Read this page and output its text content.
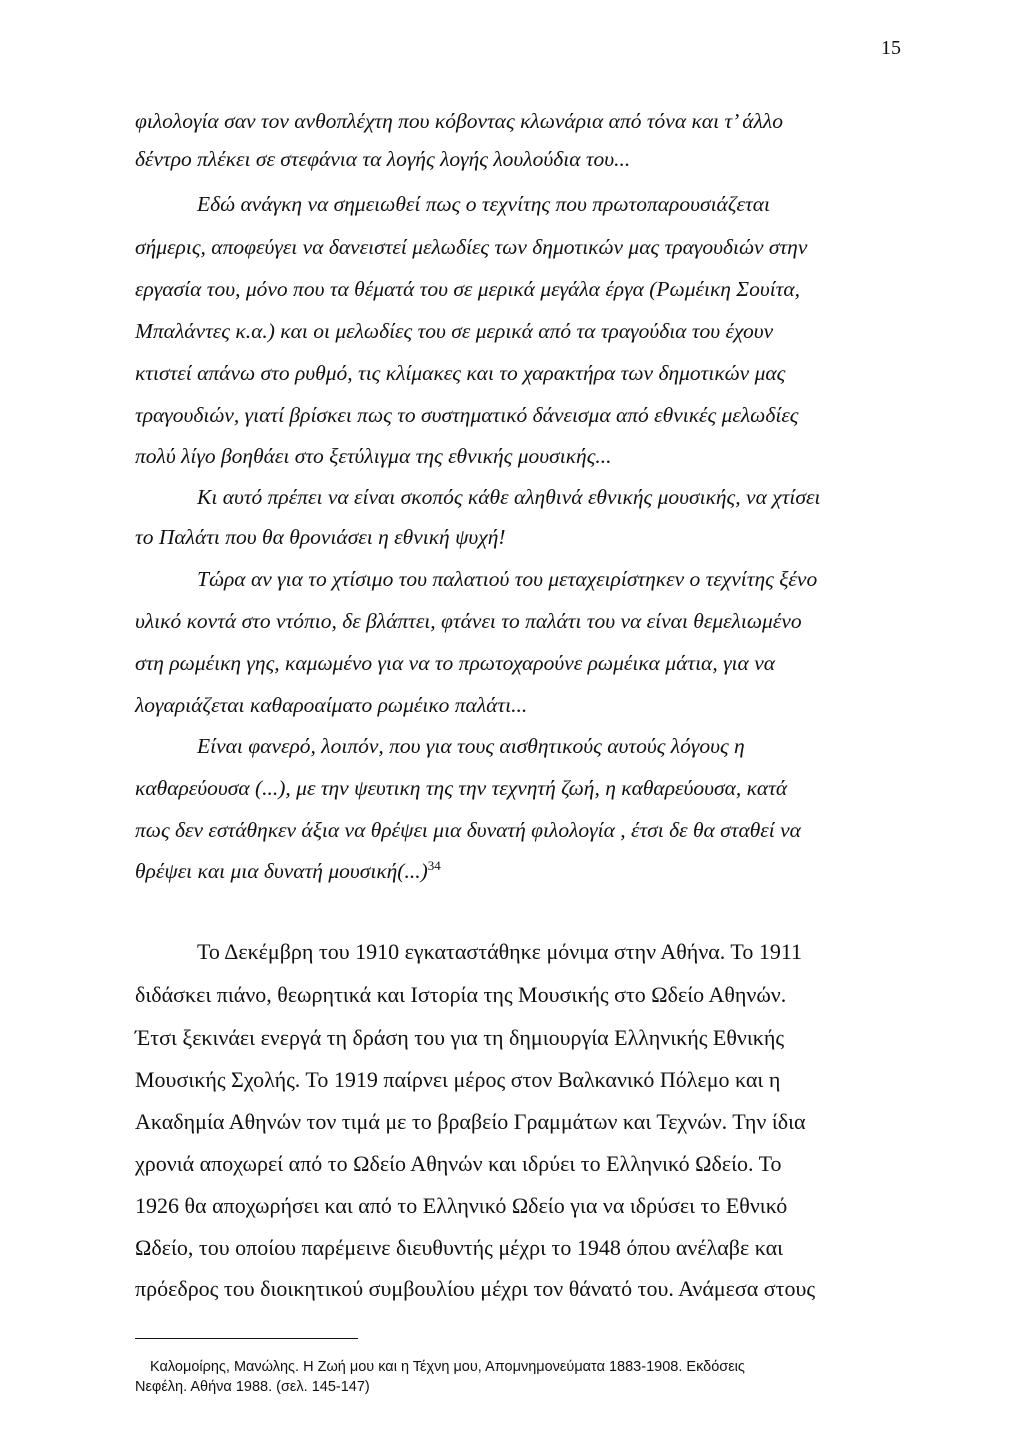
15

φιλολογία σαν τον ανθοπλέχτη που κόβοντας κλωνάρια από τόνα και τ’ άλλο

δέντρο πλέκει σε στεφάνια τα λογής λογής λουλούδια του...

Εδώ ανάγκη να σημειωθεί πως ο τεχνίτης που πρωτοπαρουσιάζεται

σήμερις, αποφεύγει να δανειστεί μελωδίες των δημοτικών μας τραγουδιών στην

εργασία του, μόνο που τα θέματά του σε μερικά μεγάλα έργα (Ρωμέικη Σουίτα,

Μπαλάντες κ.α.) και οι μελωδίες του σε μερικά από τα τραγούδια του έχουν

κτιστεί απάνω στο ρυθμό, τις κλίμακες και το χαρακτήρα των δημοτικών μας

τραγουδιών, γιατί βρίσκει πως το συστηματικό δάνεισμα από εθνικές μελωδίες

πολύ λίγο βοηθάει στο ξετύλιγμα της εθνικής μουσικής...

Κι αυτό πρέπει να είναι σκοπός κάθε αληθινά εθνικής μουσικής, να χτίσει

το Παλάτι που θα θρονιάσει η εθνική ψυχή!

Τώρα αν για το χτίσιμο του παλατιού του μεταχειρίστηκεν ο τεχνίτης ξένο

υλικό κοντά στο ντόπιο, δε βλάπτει, φτάνει το παλάτι του να είναι θεμελιωμένο

στη ρωμέικη γης, καμωμένο για να το πρωτοχαρούνε ρωμέικα μάτια, για να

λογαριάζεται καθαροαίματο ρωμέικο παλάτι...

Είναι φανερό, λοιπόν, που για τους αισθητικούς αυτούς λόγους η

καθαρεύουσα (...), με την ψευτικη της την τεχνητή ζωή, η καθαρεύουσα, κατά

πως δεν εστάθηκεν άξια να θρέψει μια δυνατή φιλολογία , έτσι δε θα σταθεί να

θρέψει και μια δυνατή μουσική(...)$^{34}$

Το Δεκέμβρη του 1910 εγκαταστάθηκε μόνιμα στην Αθήνα. Το 1911

διδάσκει πιάνο, θεωρητικά και Ιστορία της Μουσικής στο Ωδείο Αθηνών.

Έτσι ξεκινάει ενεργά τη δράση του για τη δημιουργία Ελληνικής Εθνικής

Μουσικής Σχολής. Το 1919 παίρνει μέρος στον Βαλκανικό Πόλεμο και η

Ακαδημία Αθηνών τον τιμά με το βραβείο Γραμμάτων και Τεχνών. Την ίδια

χρονιά αποχωρεί από το Ωδείο Αθηνών και ιδρύει το Ελληνικό Ωδείο. Το

1926 θα αποχωρήσει και από το Ελληνικό Ωδείο για να ιδρύσει το Εθνικό

Ωδείο, του οποίου παρέμεινε διευθυντής μέχρι το 1948 όπου ανέλαβε και

πρόεδρος του διοικητικού συμβουλίου μέχρι τον θάνατό του. Ανάμεσα στους

Καλομοίρης, Μανώλης. Η Ζωή μου και η Τέχνη μου, Απομνημονεύματα 1883-1908. Εκδόσεις

Νεφέλη. Αθήνα 1988. (σελ. 145-147)
